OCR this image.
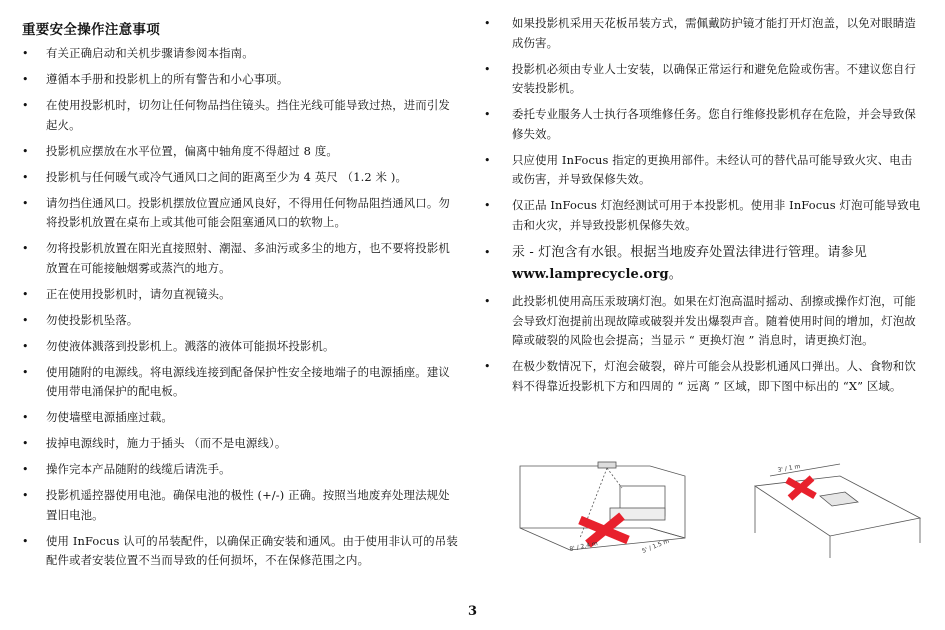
重要安全操作注意事项
• 有关正确启动和关机步骤请参阅本指南。
• 遵循本手册和投影机上的所有警告和小心事项。
• 在使用投影机时，切勿让任何物品挡住镜头。挡住光线可能导致过热，进而引发起火。
• 投影机应摆放在水平位置，偏离中轴角度不得超过 8 度。
• 投影机与任何暖气或冷气通风口之间的距离至少为 4 英尺 （1.2 米 )。
• 请勿挡住通风口。投影机摆放位置应通风良好，不得用任何物品阻挡通风口。勿将投影机放置在桌布上或其他可能会阻塞通风口的软物上。
• 勿将投影机放置在阳光直接照射、潮湿、多油污或多尘的地方，也不要将投影机放置在可能接触烟雾或蒸汽的地方。
• 正在使用投影机时，请勿直视镜头。
• 勿使投影机坠落。
• 勿使液体溅落到投影机上。溅落的液体可能损坏投影机。
• 使用随附的电源线。将电源线连接到配备保护性安全接地端子的电源插座。建议使用带电涌保护的配电板。
• 勿使墙壁电源插座过载。
• 拔掉电源线时，施力于插头 （而不是电源线）。
• 操作完本产品随附的线缆后请洗手。
• 投影机遥控器使用电池。确保电池的极性 (+/-) 正确。按照当地废弃处理法规处置旧电池。
• 使用 InFocus 认可的吊装配件，以确保正确安装和通风。由于使用非认可的吊装配件或者安装位置不当而导致的任何损坏，不在保修范围之内。
• 如果投影机采用天花板吊装方式，需佩戴防护镜才能打开灯泡盖，以免对眼睛造成伤害。
• 投影机必须由专业人士安装，以确保正常运行和避免危险或伤害。不建议您自行安装投影机。
• 委托专业服务人士执行各项维修任务。您自行维修投影机存在危险，并会导致保修失效。
• 只应使用 InFocus 指定的更换用部件。未经认可的替代品可能导致火灾、电击或伤害，并导致保修失效。
• 仅正品 InFocus 灯泡经测试可用于本投影机。使用非 InFocus 灯泡可能导致电击和火灾，并导致投影机保修失效。
• 汞 - 灯泡含有水银。根据当地废弃处置法律进行管理。请参见 www.lamprecycle.org。
• 此投影机使用高压汞玻璃灯泡。如果在灯泡高温时摇动、刮擦或操作灯泡，可能会导致灯泡提前出现故障或破裂并发出爆裂声音。随着使用时间的增加，灯泡故障或破裂的风险也会提高；当显示 “ 更换灯泡 ” 消息时，请更换灯泡。
• 在极少数情况下，灯泡会破裂，碎片可能会从投影机通风口弹出。人、食物和饮料不得靠近投影机下方和四周的 “ 远离 ” 区域，即下图中标出的 “X” 区域。
8' / 2.4 m	5' / 1.5 m
3' / 1 m
3
